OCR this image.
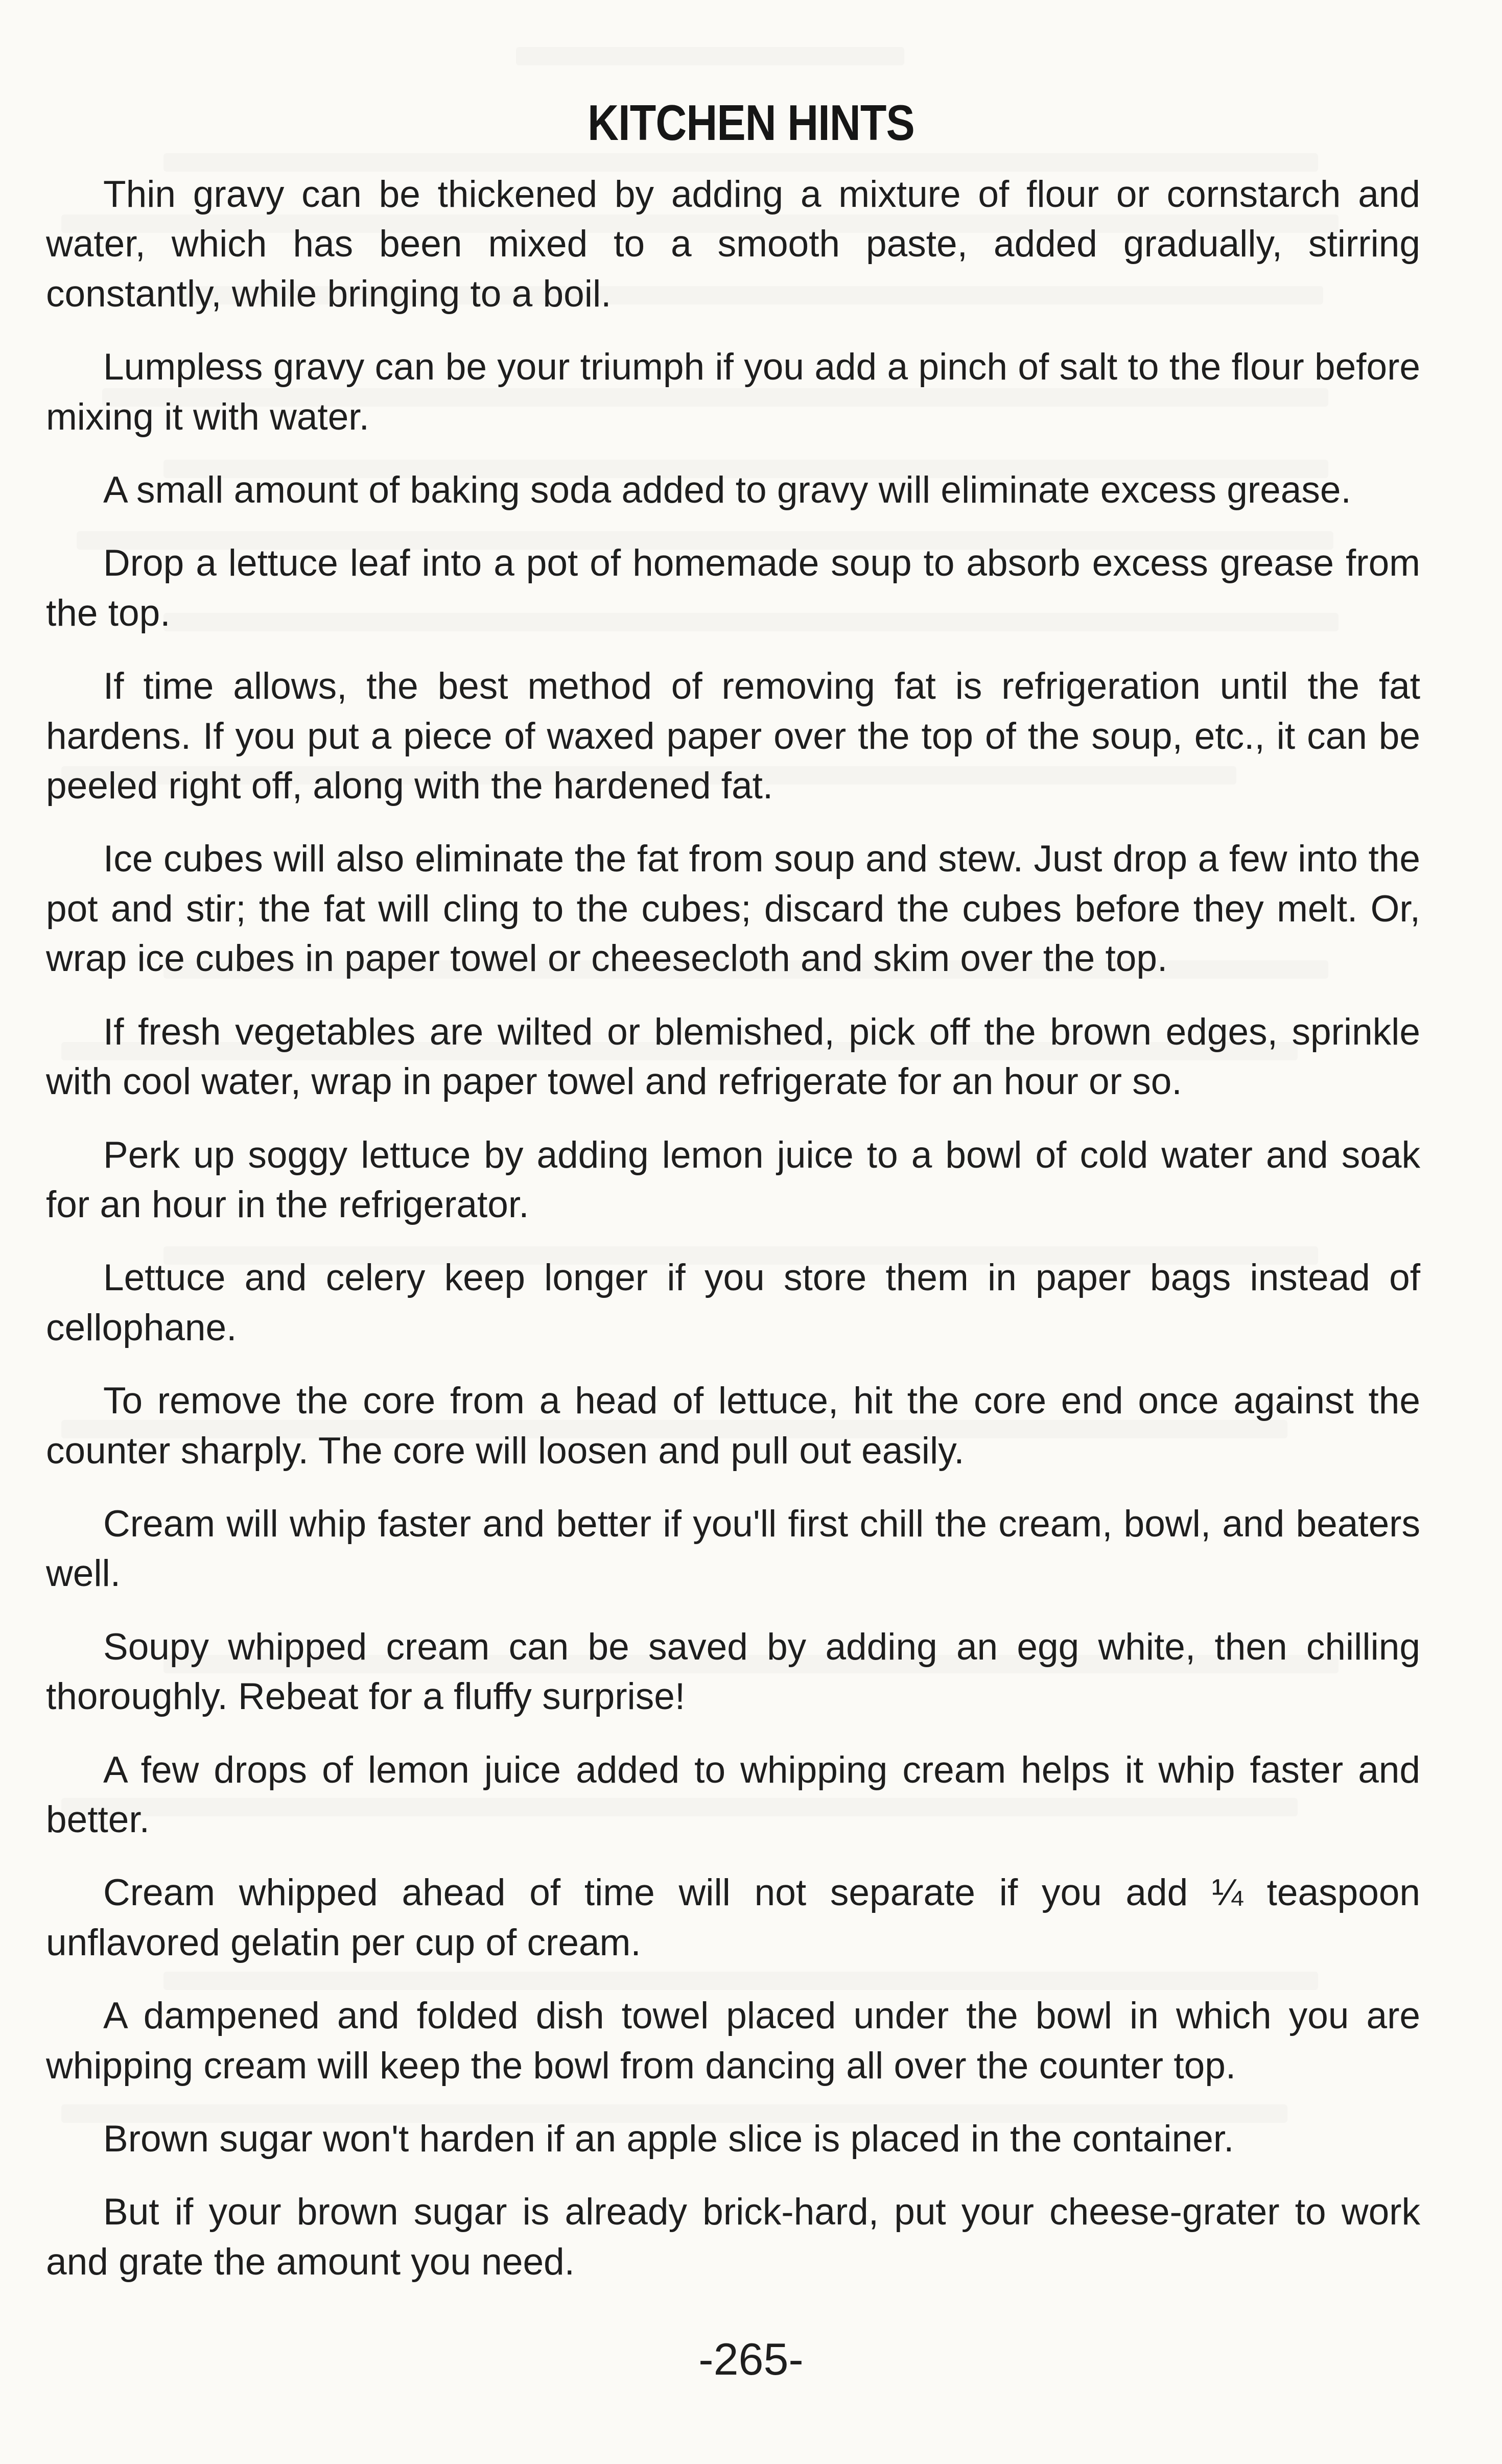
KITCHEN HINTS
Thin gravy can be thickened by adding a mixture of flour or cornstarch and water, which has been mixed to a smooth paste, added gradually, stirring constantly, while bringing to a boil.
Lumpless gravy can be your triumph if you add a pinch of salt to the flour before mixing it with water.
A small amount of baking soda added to gravy will eliminate excess grease.
Drop a lettuce leaf into a pot of homemade soup to absorb excess grease from the top.
If time allows, the best method of removing fat is refrigeration until the fat hardens. If you put a piece of waxed paper over the top of the soup, etc., it can be peeled right off, along with the hardened fat.
Ice cubes will also eliminate the fat from soup and stew. Just drop a few into the pot and stir; the fat will cling to the cubes; discard the cubes before they melt. Or, wrap ice cubes in paper towel or cheesecloth and skim over the top.
If fresh vegetables are wilted or blemished, pick off the brown edges, sprinkle with cool water, wrap in paper towel and refrigerate for an hour or so.
Perk up soggy lettuce by adding lemon juice to a bowl of cold water and soak for an hour in the refrigerator.
Lettuce and celery keep longer if you store them in paper bags instead of cellophane.
To remove the core from a head of lettuce, hit the core end once against the counter sharply. The core will loosen and pull out easily.
Cream will whip faster and better if you'll first chill the cream, bowl, and beaters well.
Soupy whipped cream can be saved by adding an egg white, then chilling thoroughly. Rebeat for a fluffy surprise!
A few drops of lemon juice added to whipping cream helps it whip faster and better.
Cream whipped ahead of time will not separate if you add ¼ teaspoon unflavored gelatin per cup of cream.
A dampened and folded dish towel placed under the bowl in which you are whipping cream will keep the bowl from dancing all over the counter top.
Brown sugar won't harden if an apple slice is placed in the container.
But if your brown sugar is already brick-hard, put your cheese-grater to work and grate the amount you need.
-265-
